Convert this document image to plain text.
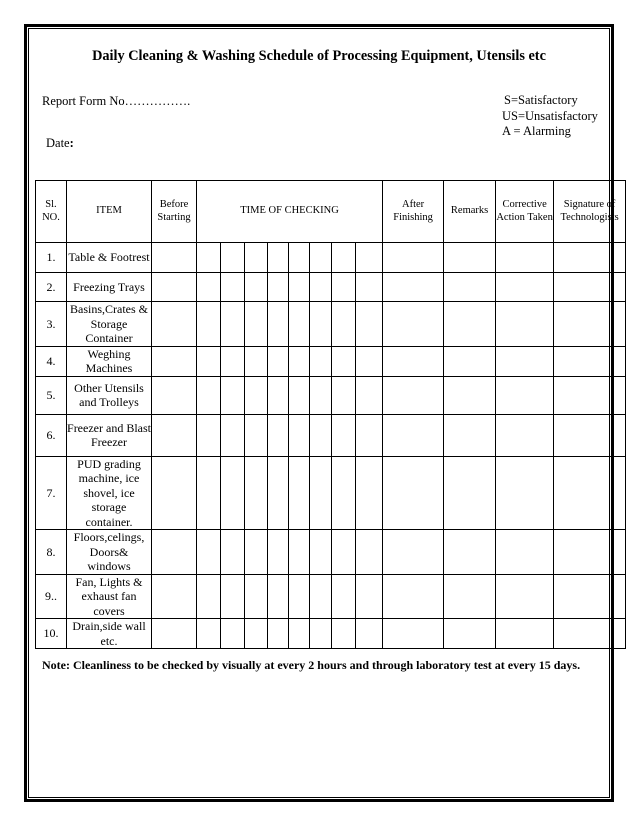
Daily Cleaning & Washing Schedule of Processing Equipment, Utensils etc
Report Form No…………….	S=Satisfactory
US=Unsatisfactory
A = Alarming
Date:
Sl. NO.	ITEM	Before Starting	TIME OF CHECKING								After Finishing	Remarks	Corrective Action Taken	Signature of Technologists
1.	Table & Footrest													
2.	Freezing Trays													
3.	Basins,Crates & Storage Container													
4.	Weghing Machines													
5.	Other Utensils and Trolleys													
6.	Freezer and Blast Freezer													
7.	PUD grading machine, ice shovel, ice storage container.													
8.	Floors,celings, Doors& windows													
9..	Fan, Lights & exhaust fan covers													
10.	Drain,side wall etc.													
Note: Cleanliness to be checked by visually at every 2 hours and through laboratory test at every 15 days.
